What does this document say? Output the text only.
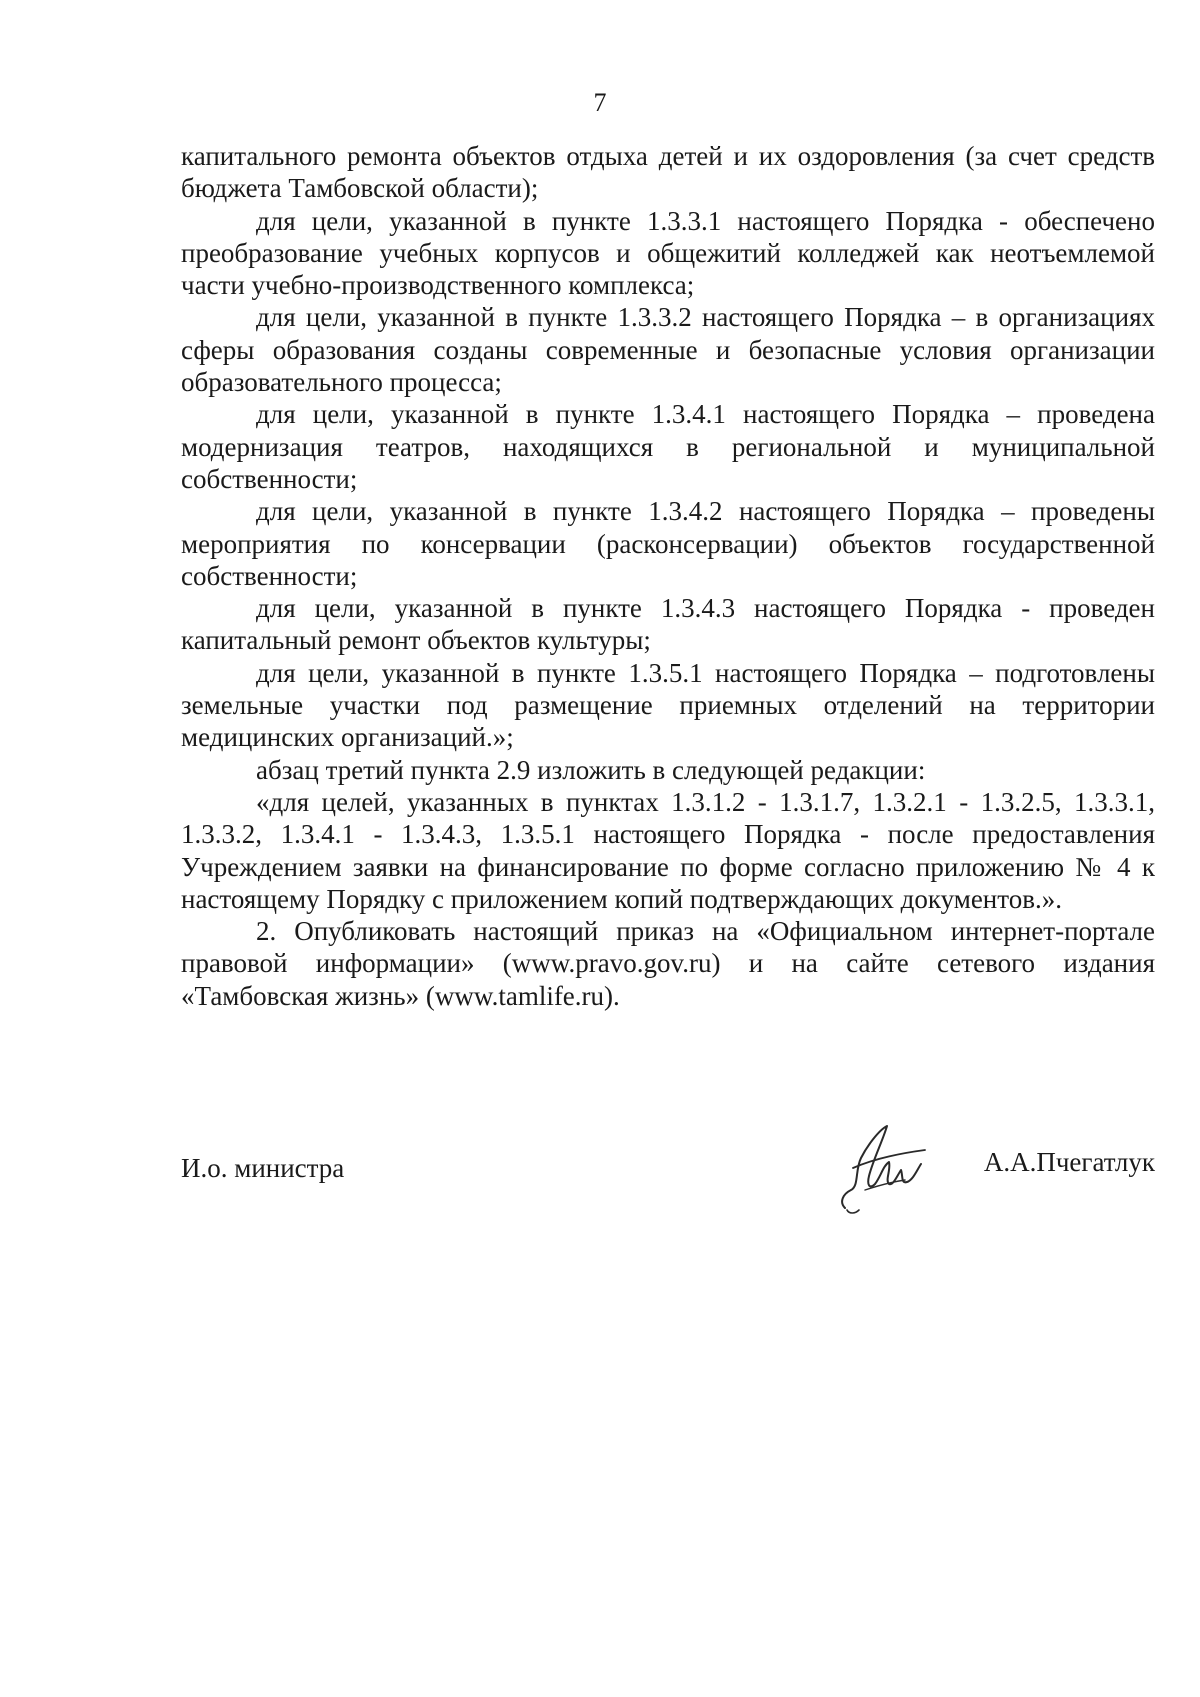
7

капитального ремонта объектов отдыха детей и их оздоровления (за счет средств бюджета Тамбовской области);

для цели, указанной в пункте 1.3.3.1 настоящего Порядка - обеспечено преобразование учебных корпусов и общежитий колледжей как неотъемлемой части учебно-производственного комплекса;

для цели, указанной в пункте 1.3.3.2 настоящего Порядка – в организациях сферы образования созданы современные и безопасные условия организации образовательного процесса;

для цели, указанной в пункте 1.3.4.1 настоящего Порядка – проведена модернизация театров, находящихся в региональной и муниципальной собственности;

для цели, указанной в пункте 1.3.4.2 настоящего Порядка – проведены мероприятия по консервации (расконсервации) объектов государственной собственности;

для цели, указанной в пункте 1.3.4.3 настоящего Порядка - проведен капитальный ремонт объектов культуры;

для цели, указанной в пункте 1.3.5.1 настоящего Порядка – подготовлены земельные участки под размещение приемных отделений на территории медицинских организаций.»;

абзац третий пункта 2.9 изложить в следующей редакции:

«для целей, указанных в пунктах 1.3.1.2 - 1.3.1.7, 1.3.2.1 - 1.3.2.5, 1.3.3.1, 1.3.3.2, 1.3.4.1 - 1.3.4.3, 1.3.5.1 настоящего Порядка - после предоставления Учреждением заявки на финансирование по форме согласно приложению № 4 к настоящему Порядку с приложением копий подтверждающих документов.».

2. Опубликовать настоящий приказ на «Официальном интернет-портале правовой информации» (www.pravo.gov.ru) и на сайте сетевого издания «Тамбовская жизнь» (www.tamlife.ru).

И.о. министра	А.А.Пчегатлук
